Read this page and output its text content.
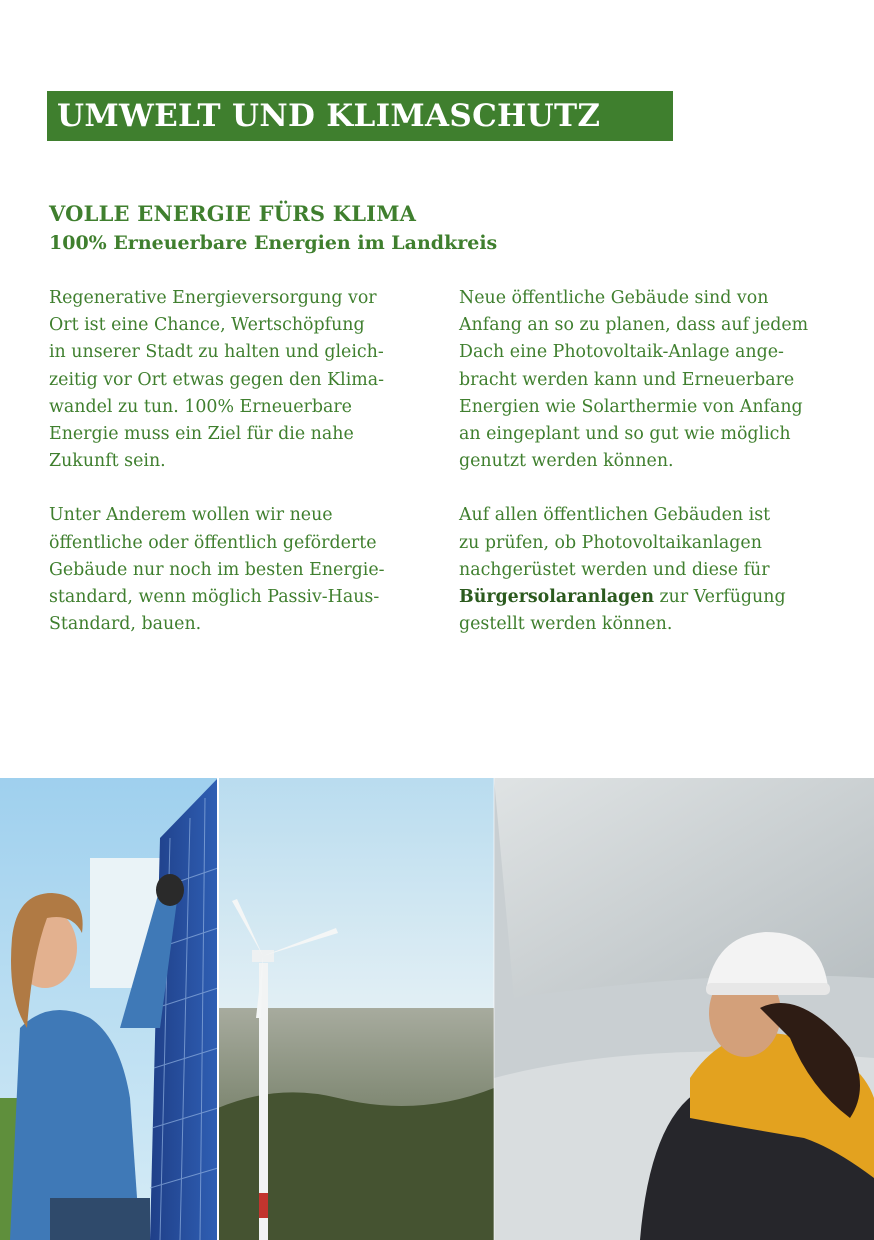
UMWELT UND KLIMASCHUTZ
VOLLE ENERGIE FÜRS KLIMA
100% Erneuerbare Energien im Landkreis

Regenerative Energieversorgung vor
Ort ist eine Chance, Wertschöpfung
in unserer Stadt zu halten und gleich-
zeitig vor Ort etwas gegen den Klima-
wandel zu tun. 100% Erneuerbare
Energie muss ein Ziel für die nahe
Zukunft sein.

Unter Anderem wollen wir neue
öffentliche oder öffentlich geförderte
Gebäude nur noch im besten Energie-
standard, wenn möglich Passiv-Haus-
Standard, bauen.

Neue öffentliche Gebäude sind von
Anfang an so zu planen, dass auf jedem
Dach eine Photovoltaik-Anlage ange-
bracht werden kann und Erneuerbare
Energien wie Solarthermie von Anfang
an eingeplant und so gut wie möglich
genutzt werden können.

Auf allen öffentlichen Gebäuden ist
zu prüfen, ob Photovoltaikanlagen
nachgerüstet werden und diese für
Bürgersolaranlagen zur Verfügung
gestellt werden können.
